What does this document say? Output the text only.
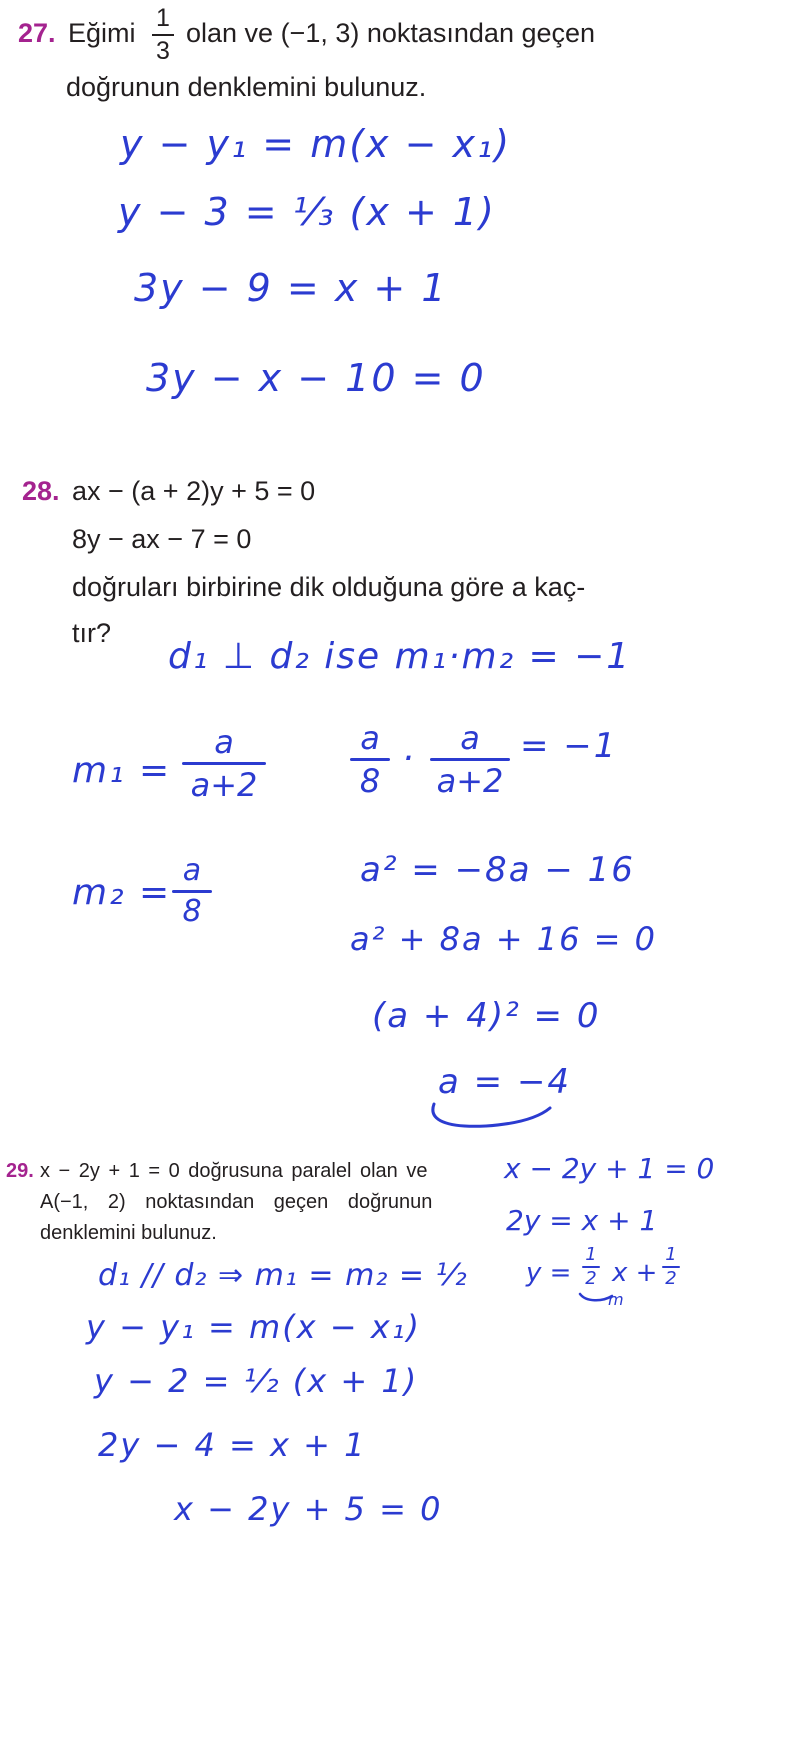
27. Eğimi 1
3
olan ve (−1, 3) noktasından geçen
doğrunun denklemini bulunuz.
y − y₁ = m(x − x₁)
y − 3 = ¹⁄₃ (x + 1)
3y − 9 = x + 1
3y − x − 10 = 0
28. ax − (a + 2)y + 5 = 0
8y − ax − 7 = 0
doğruları birbirine dik olduğuna göre a kaç-
tır?
d₁ ⊥ d₂ ise m₁·m₂ = −1
m₁ =
a
a+2
a
8
·	a
a+2
= −1
m₂ =
a
8
a² = −8a − 16
a² + 8a + 16 = 0
(a + 4)² = 0
a = −4
29. x − 2y + 1 = 0 doğrusuna paralel olan ve
A(−1, 2) noktasından geçen doğrunun
denklemini bulunuz.
x − 2y + 1 = 0
2y = x + 1
y =
1
2 x +
1
2
m
d₁ // d₂ ⇒ m₁ = m₂ = ¹⁄₂
y − y₁ = m(x − x₁)
y − 2 = ¹⁄₂ (x + 1)
2y − 4 = x + 1
x − 2y + 5 = 0
